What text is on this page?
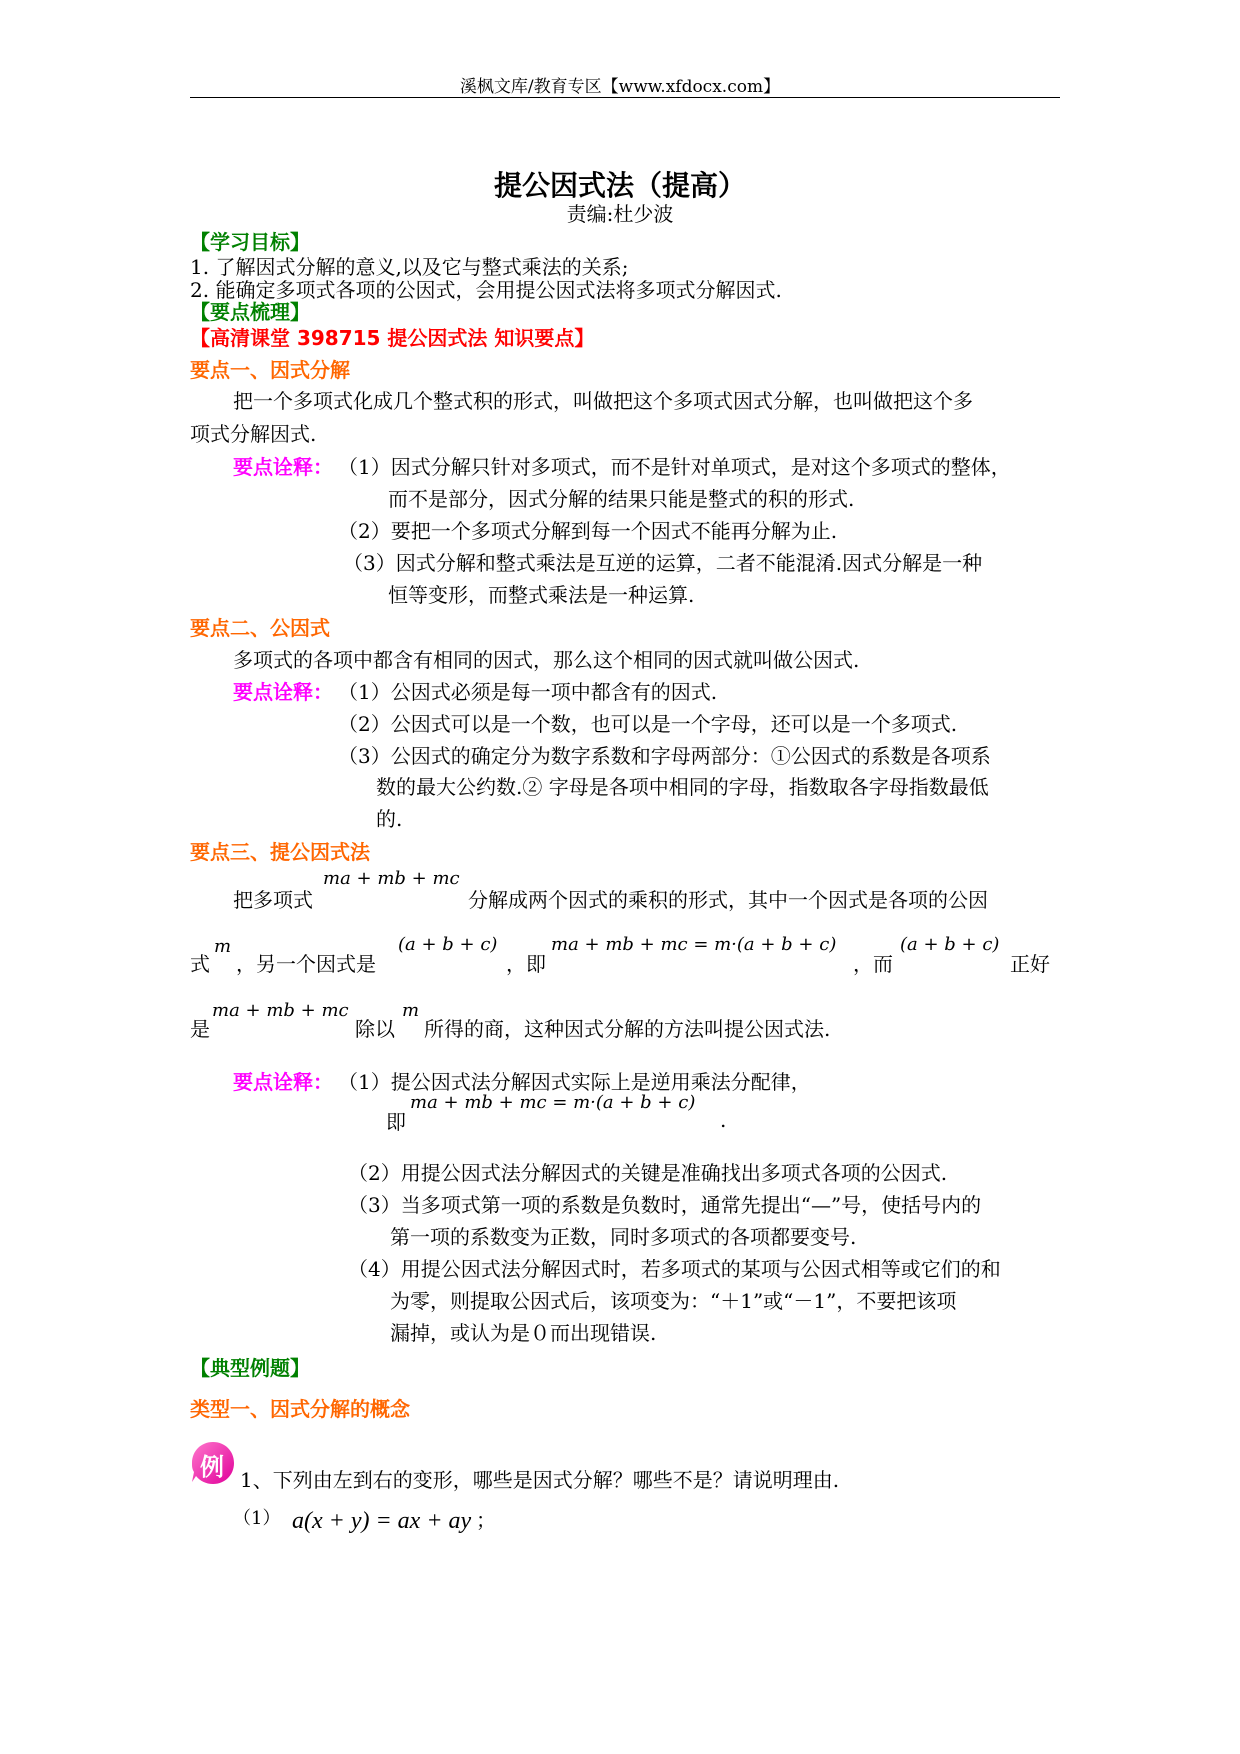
溪枫文库/教育专区【www.xfdocx.com】
提公因式法（提高）
责编:杜少波
【学习目标】
1. 了解因式分解的意义,以及它与整式乘法的关系;
2. 能确定多项式各项的公因式，会用提公因式法将多项式分解因式.
【要点梳理】
【高清课堂 398715 提公因式法 知识要点】
要点一、因式分解
把一个多项式化成几个整式积的形式，叫做把这个多项式因式分解，也叫做把这个多
项式分解因式.
要点诠释： （1）因式分解只针对多项式，而不是针对单项式，是对这个多项式的整体，
而不是部分，因式分解的结果只能是整式的积的形式.
（2）要把一个多项式分解到每一个因式不能再分解为止.
（3）因式分解和整式乘法是互逆的运算，二者不能混淆.因式分解是一种
恒等变形，而整式乘法是一种运算.
要点二、公因式
多项式的各项中都含有相同的因式，那么这个相同的因式就叫做公因式.
要点诠释： （1）公因式必须是每一项中都含有的因式.
（2）公因式可以是一个数，也可以是一个字母，还可以是一个多项式.
（3）公因式的确定分为数字系数和字母两部分：①公因式的系数是各项系
数的最大公约数.② 字母是各项中相同的字母，指数取各字母指数最低
的.
要点三、提公因式法
把多项式
ma + mb + mc
分解成两个因式的乘积的形式，其中一个因式是各项的公因
式
m
，另一个因式是
(a + b + c)
，即
ma + mb + mc = m·(a + b + c)
，而
(a + b + c)
正好
是
ma + mb + mc
除以
m
所得的商，这种因式分解的方法叫提公因式法.
要点诠释： （1）提公因式法分解因式实际上是逆用乘法分配律，
即
ma + mb + mc = m·(a + b + c)
.
（2）用提公因式法分解因式的关键是准确找出多项式各项的公因式.
（3）当多项式第一项的系数是负数时，通常先提出“—”号，使括号内的
第一项的系数变为正数，同时多项式的各项都要变号.
（4）用提公因式法分解因式时，若多项式的某项与公因式相等或它们的和
为零，则提取公因式后，该项变为：“＋1”或“－1”，不要把该项
漏掉，或认为是０而出现错误.
【典型例题】
类型一、因式分解的概念
例 1、下列由左到右的变形，哪些是因式分解？哪些不是？请说明理由.
（1） a(x + y) = ax + ay ；
